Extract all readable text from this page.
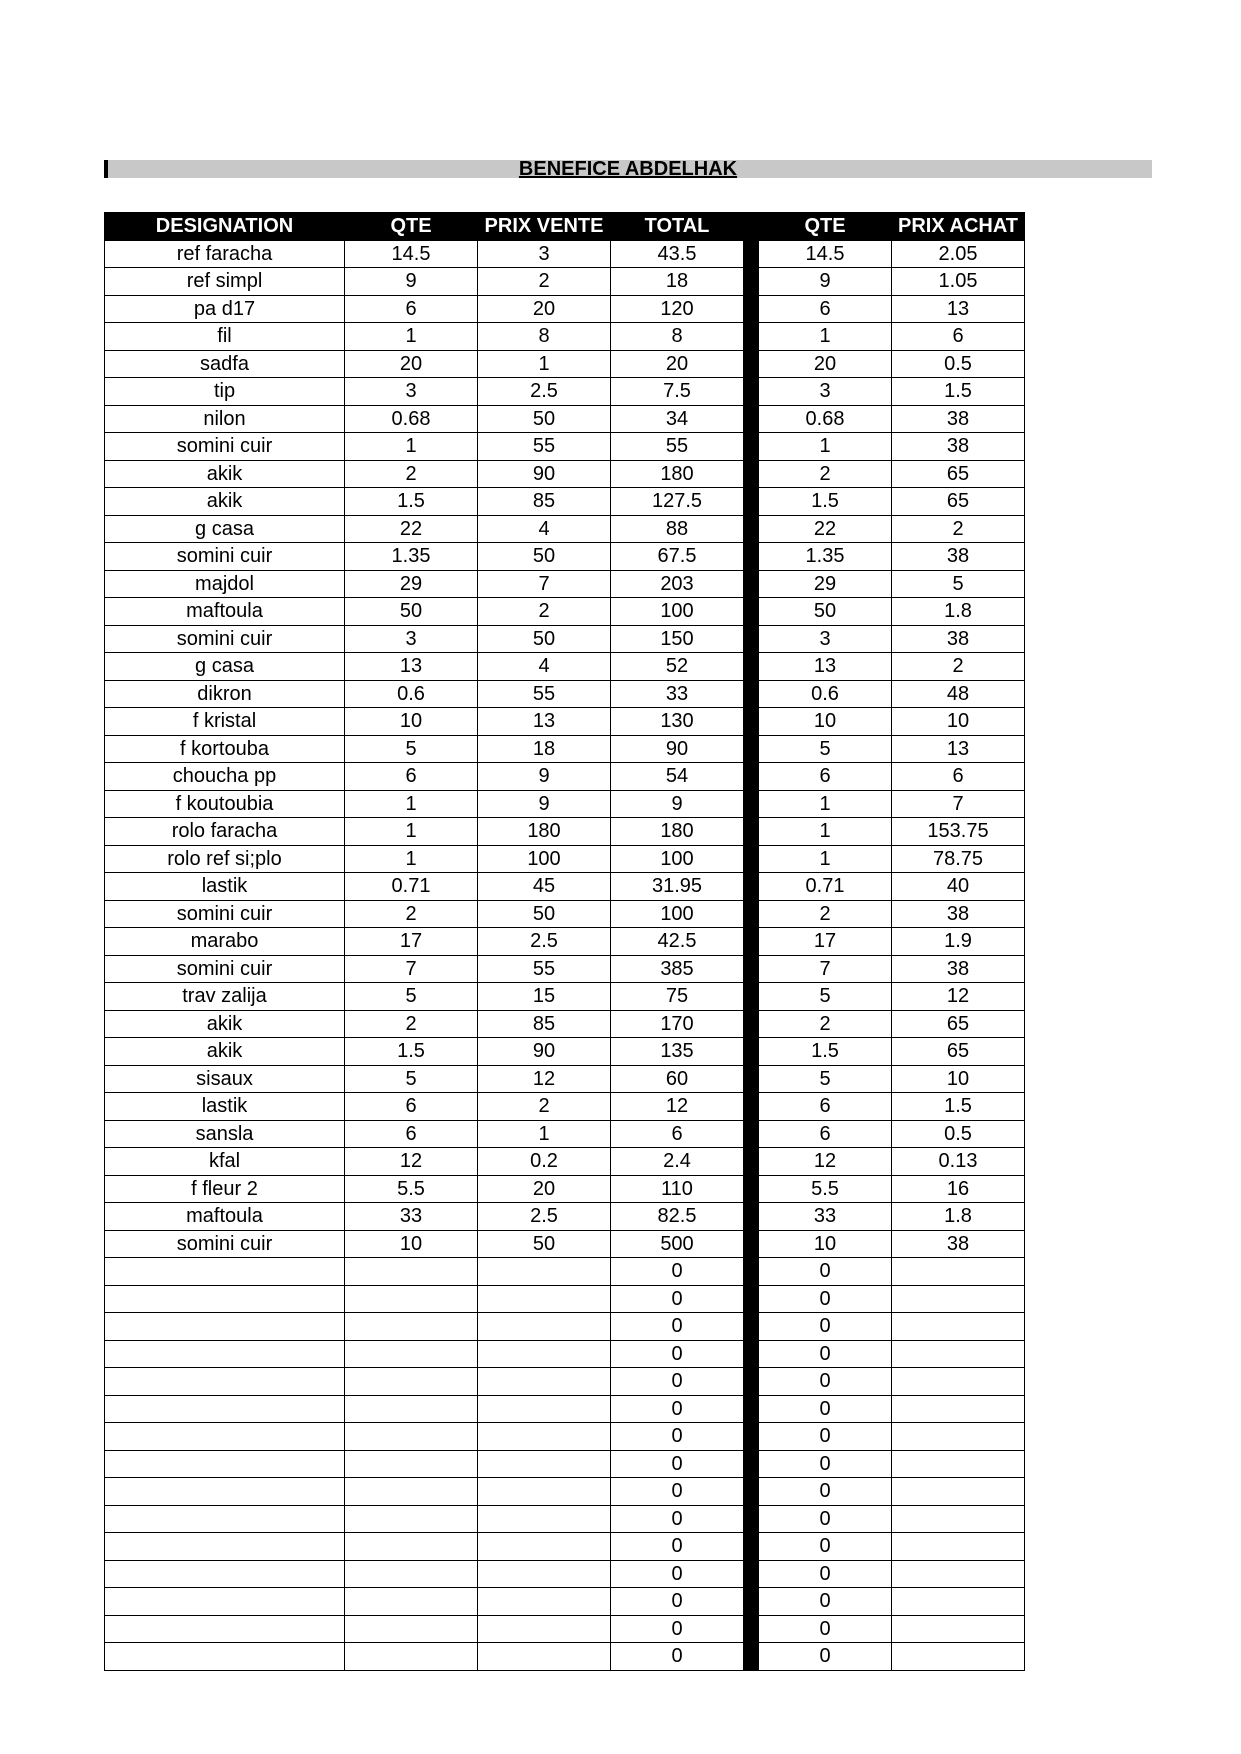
BENEFICE ABDELHAK
DESIGNATION	QTE	PRIX VENTE	TOTAL		QTE	PRIX ACHAT
ref faracha	14.5	3	43.5		14.5	2.05
ref simpl	9	2	18		9	1.05
pa d17	6	20	120		6	13
fil	1	8	8		1	6
sadfa	20	1	20		20	0.5
tip	3	2.5	7.5		3	1.5
nilon	0.68	50	34		0.68	38
somini cuir	1	55	55		1	38
akik	2	90	180		2	65
akik	1.5	85	127.5		1.5	65
g casa	22	4	88		22	2
somini cuir	1.35	50	67.5		1.35	38
majdol	29	7	203		29	5
maftoula	50	2	100		50	1.8
somini cuir	3	50	150		3	38
g casa	13	4	52		13	2
dikron	0.6	55	33		0.6	48
f kristal	10	13	130		10	10
f kortouba	5	18	90		5	13
choucha pp	6	9	54		6	6
f koutoubia	1	9	9		1	7
rolo faracha	1	180	180		1	153.75
rolo ref si;plo	1	100	100		1	78.75
lastik	0.71	45	31.95		0.71	40
somini cuir	2	50	100		2	38
marabo	17	2.5	42.5		17	1.9
somini cuir	7	55	385		7	38
trav zalija	5	15	75		5	12
akik	2	85	170		2	65
akik	1.5	90	135		1.5	65
sisaux	5	12	60		5	10
lastik	6	2	12		6	1.5
sansla	6	1	6		6	0.5
kfal	12	0.2	2.4		12	0.13
f fleur 2	5.5	20	110		5.5	16
maftoula	33	2.5	82.5		33	1.8
somini cuir	10	50	500		10	38
			0		0	
			0		0	
			0		0	
			0		0	
			0		0	
			0		0	
			0		0	
			0		0	
			0		0	
			0		0	
			0		0	
			0		0	
			0		0	
			0		0	
			0		0	
